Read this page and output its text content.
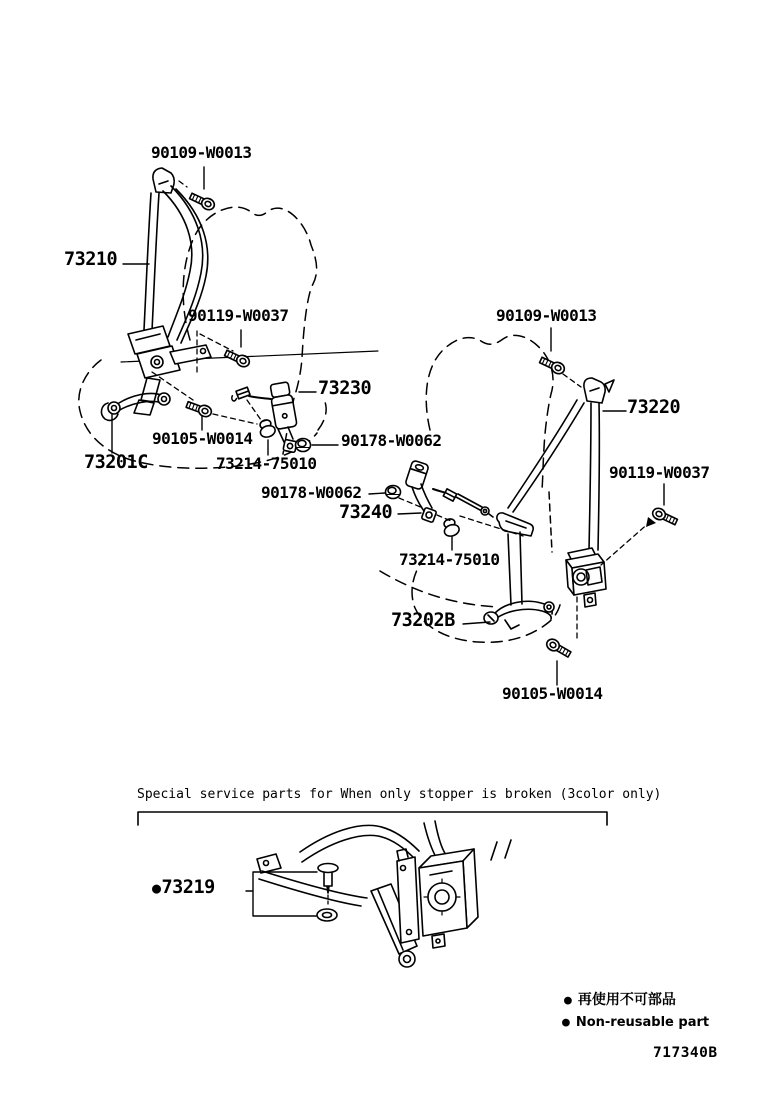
90109-W0013
73210
90119-W0037
73230
90105-W0014
73201C	73214-75010
90178-W0062
90178-W0062
73240
73214-75010
73202B
90105-W0014
90109-W0013
73220
90119-W0037
●73219
Special service parts for When only stopper is broken (3color only)
● 再使用不可部品
● Non-reusable part
717340B
